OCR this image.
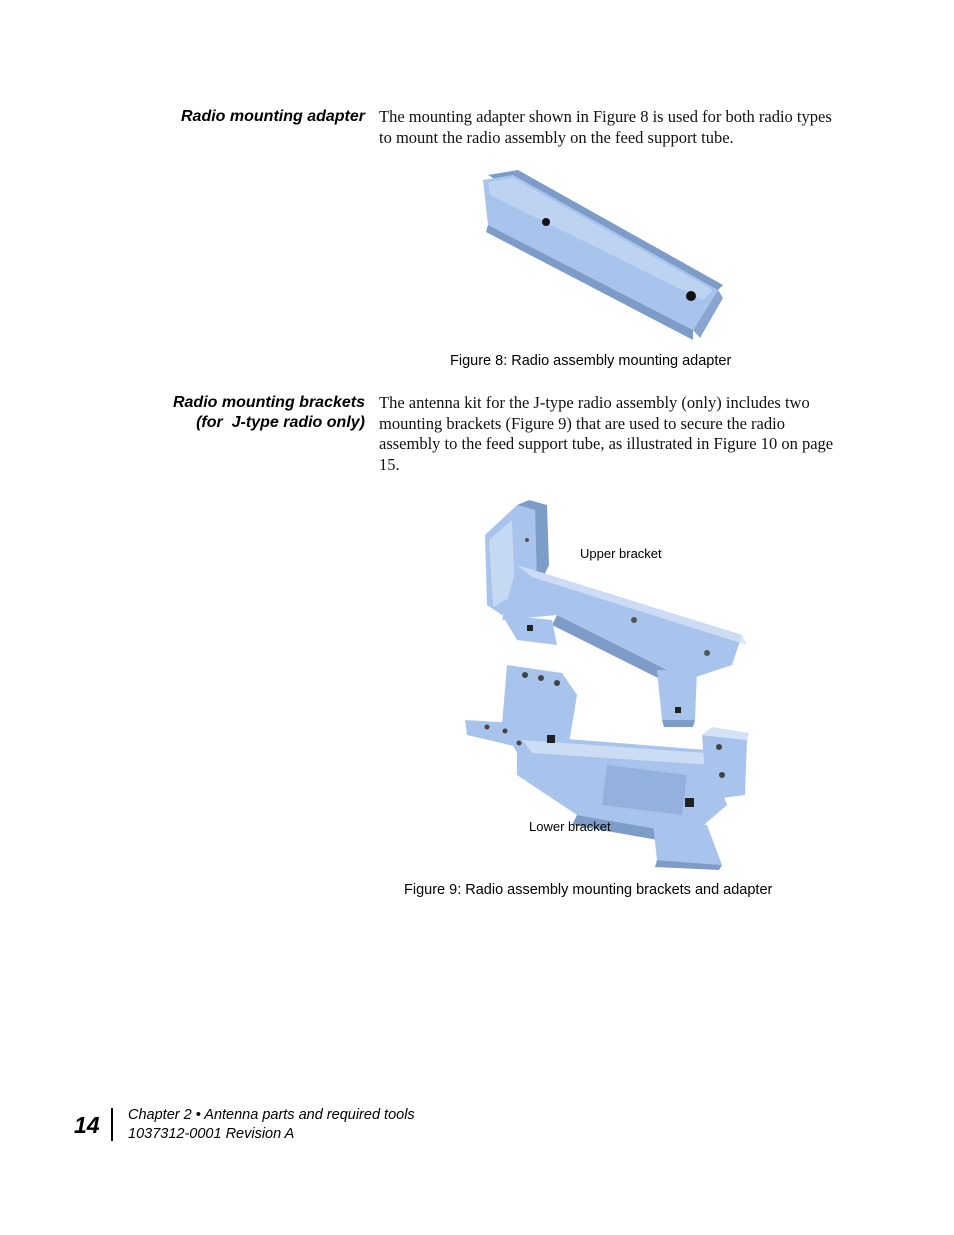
Radio mounting adapter The mounting adapter shown in Figure 8 is used for both radio types to mount the radio assembly on the feed support tube.
Figure 8: Radio assembly mounting adapter
Radio mounting brackets
(for  J-type radio only)
The antenna kit for the J-type radio assembly (only) includes two mounting brackets (Figure 9) that are used to secure the radio assembly to the feed support tube, as illustrated in Figure 10 on page 15.
Upper bracket
Lower bracket
Figure 9: Radio assembly mounting brackets and adapter
14 Chapter 2 • Antenna parts and required tools
1037312-0001 Revision A
